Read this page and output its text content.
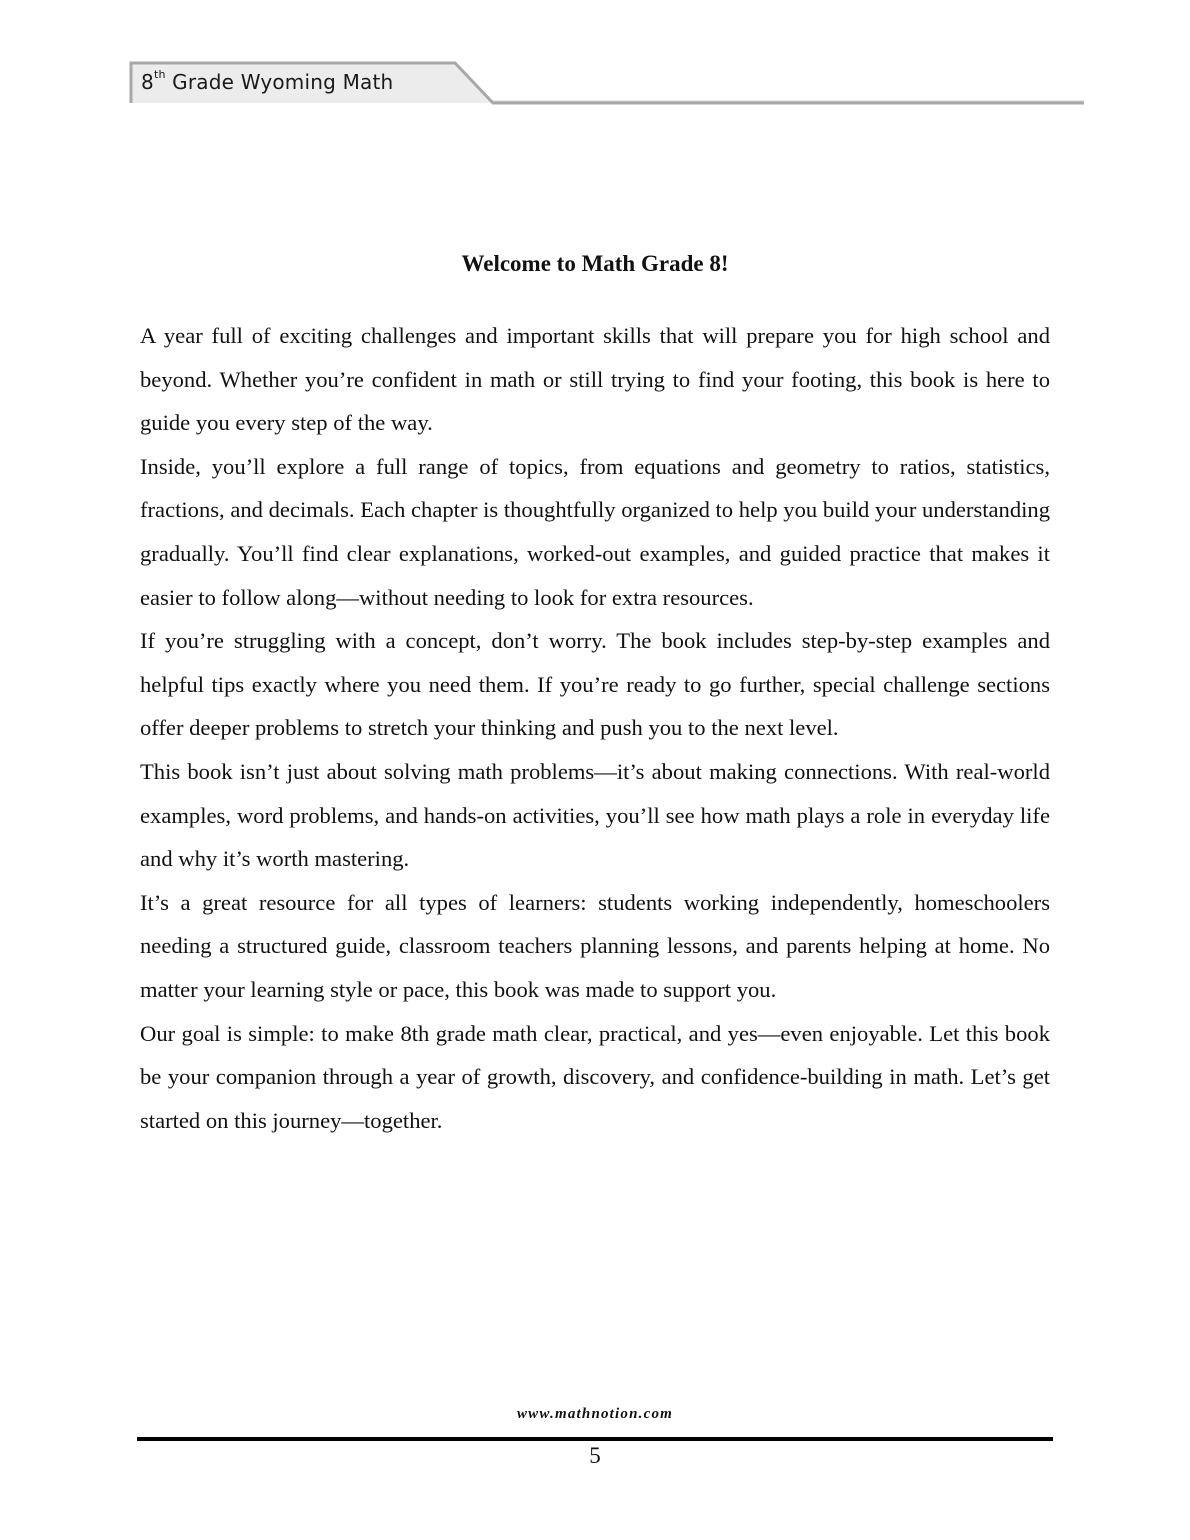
8th Grade Wyoming Math
Welcome to Math Grade 8!

A year full of exciting challenges and important skills that will prepare you for high school and beyond. Whether you’re confident in math or still trying to find your footing, this book is here to guide you every step of the way.

Inside, you’ll explore a full range of topics, from equations and geometry to ratios, statistics, fractions, and decimals. Each chapter is thoughtfully organized to help you build your understanding gradually. You’ll find clear explanations, worked-out examples, and guided practice that makes it easier to follow along—without needing to look for extra resources.

If you’re struggling with a concept, don’t worry. The book includes step-by-step examples and helpful tips exactly where you need them. If you’re ready to go further, special challenge sections offer deeper problems to stretch your thinking and push you to the next level.

This book isn’t just about solving math problems—it’s about making connections. With real-world examples, word problems, and hands-on activities, you’ll see how math plays a role in everyday life and why it’s worth mastering.

It’s a great resource for all types of learners: students working independently, homeschoolers needing a structured guide, classroom teachers planning lessons, and parents helping at home. No matter your learning style or pace, this book was made to support you.

Our goal is simple: to make 8th grade math clear, practical, and yes—even enjoyable. Let this book be your companion through a year of growth, discovery, and confidence-building in math. Let’s get started on this journey—together.

www.mathnotion.com
5
